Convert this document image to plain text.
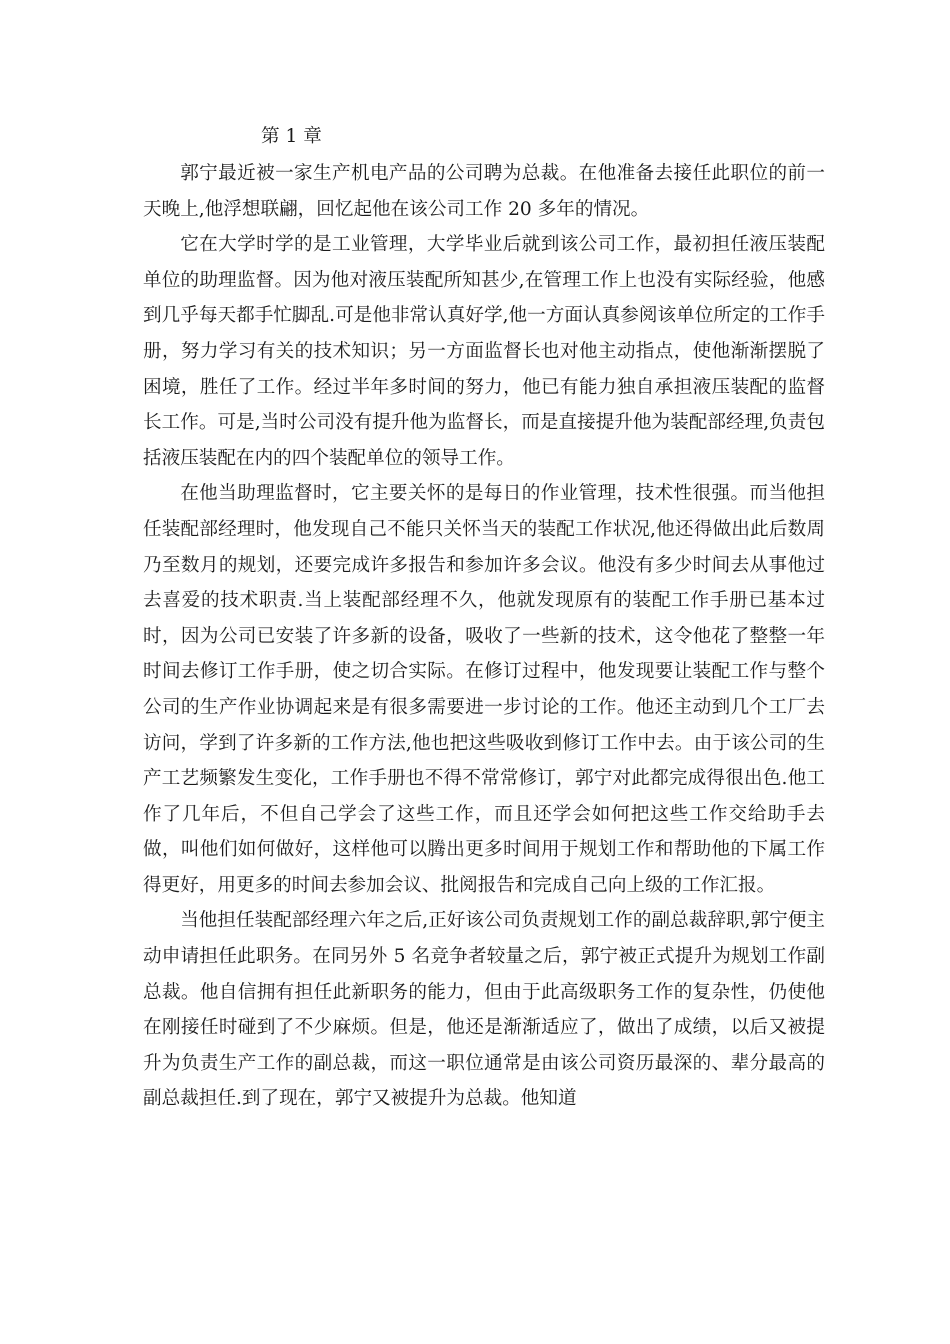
第 1 章

郭宁最近被一家生产机电产品的公司聘为总裁。在他准备去接任此职位的前一天晚上,他浮想联翩，回忆起他在该公司工作 20 多年的情况。

它在大学时学的是工业管理，大学毕业后就到该公司工作，最初担任液压装配单位的助理监督。因为他对液压装配所知甚少,在管理工作上也没有实际经验，他感到几乎每天都手忙脚乱.可是他非常认真好学,他一方面认真参阅该单位所定的工作手册，努力学习有关的技术知识；另一方面监督长也对他主动指点，使他渐渐摆脱了困境，胜任了工作。经过半年多时间的努力，他已有能力独自承担液压装配的监督长工作。可是,当时公司没有提升他为监督长，而是直接提升他为装配部经理,负责包括液压装配在内的四个装配单位的领导工作。

在他当助理监督时，它主要关怀的是每日的作业管理，技术性很强。而当他担任装配部经理时，他发现自己不能只关怀当天的装配工作状况,他还得做出此后数周乃至数月的规划，还要完成许多报告和参加许多会议。他没有多少时间去从事他过去喜爱的技术职责.当上装配部经理不久，他就发现原有的装配工作手册已基本过时，因为公司已安装了许多新的设备，吸收了一些新的技术，这令他花了整整一年时间去修订工作手册，使之切合实际。在修订过程中，他发现要让装配工作与整个公司的生产作业协调起来是有很多需要进一步讨论的工作。他还主动到几个工厂去访问，学到了许多新的工作方法,他也把这些吸收到修订工作中去。由于该公司的生产工艺频繁发生变化，工作手册也不得不常常修订，郭宁对此都完成得很出色.他工作了几年后，不但自己学会了这些工作，而且还学会如何把这些工作交给助手去做，叫他们如何做好，这样他可以腾出更多时间用于规划工作和帮助他的下属工作得更好，用更多的时间去参加会议、批阅报告和完成自己向上级的工作汇报。

当他担任装配部经理六年之后,正好该公司负责规划工作的副总裁辞职,郭宁便主动申请担任此职务。在同另外 5 名竞争者较量之后，郭宁被正式提升为规划工作副总裁。他自信拥有担任此新职务的能力，但由于此高级职务工作的复杂性，仍使他在刚接任时碰到了不少麻烦。但是，他还是渐渐适应了，做出了成绩，以后又被提升为负责生产工作的副总裁，而这一职位通常是由该公司资历最深的、辈分最高的副总裁担任.到了现在，郭宁又被提升为总裁。他知道
